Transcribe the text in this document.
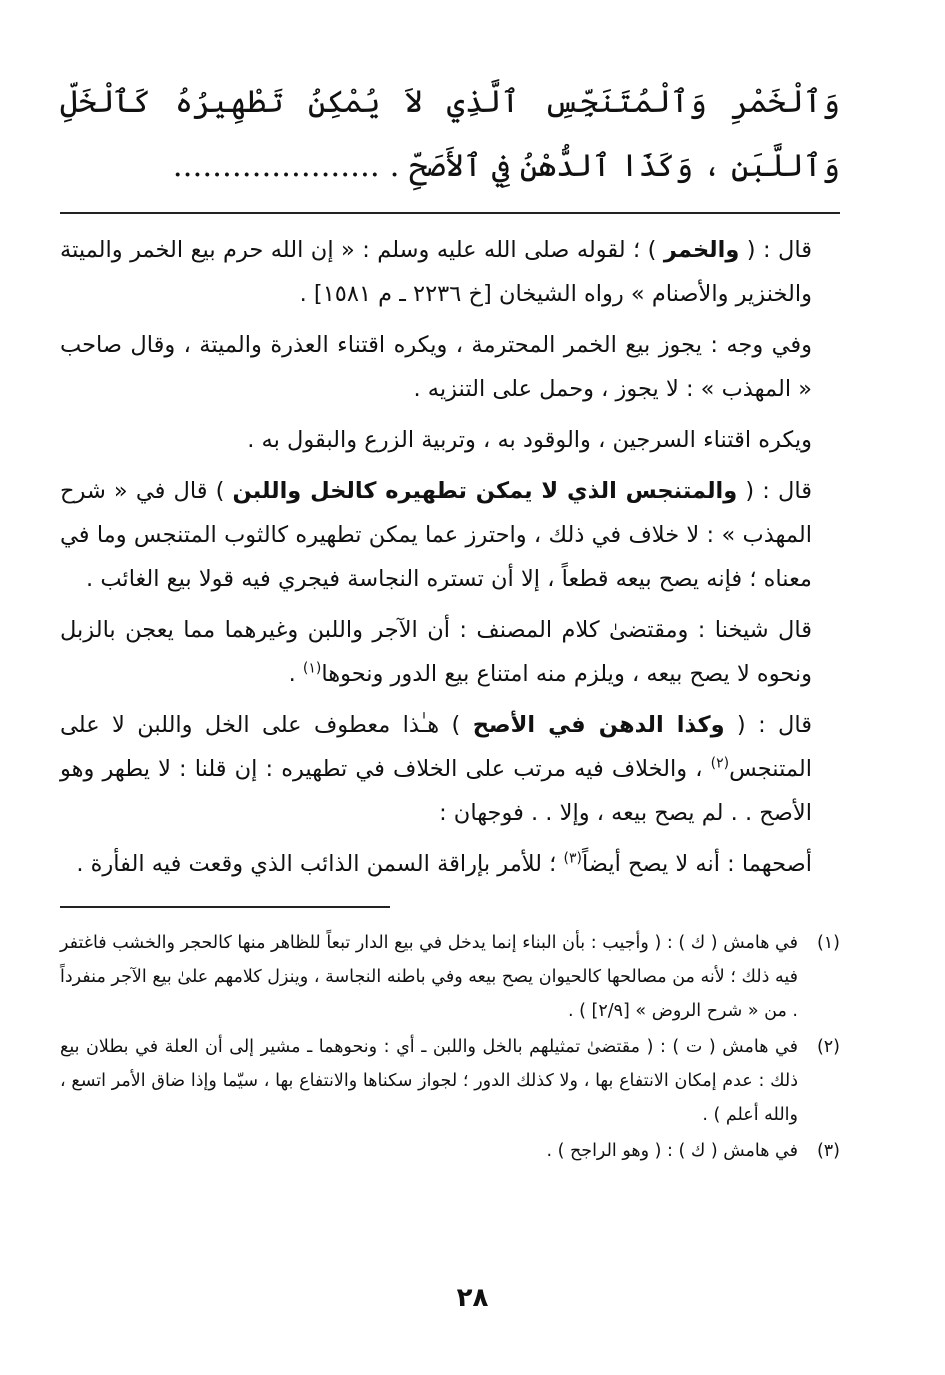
وَٱلْخَمْرِ وَٱلْمُتَنَجِّسِ ٱلَّذِي لاَ يُمْكِنُ تَطْهِيرُهُ كَٱلْخَلِّ وَٱللَّبَنِ ، وَكَذَا ٱلدُّهْنُ فِي ٱلأَصَحِّ . .....................

قال : ( والخمر ) ؛ لقوله صلى الله عليه وسلم : « إن الله حرم بيع الخمر والميتة والخنزير والأصنام » رواه الشيخان [خ ٢٢٣٦ ـ م ١٥٨١] .

وفي وجه : يجوز بيع الخمر المحترمة ، ويكره اقتناء العذرة والميتة ، وقال صاحب « المهذب » : لا يجوز ، وحمل على التنزيه .

ويكره اقتناء السرجين ، والوقود به ، وتربية الزرع والبقول به .

قال : ( والمتنجس الذي لا يمكن تطهيره كالخل واللبن ) قال في « شرح المهذب » : لا خلاف في ذلك ، واحترز عما يمكن تطهيره كالثوب المتنجس وما في معناه ؛ فإنه يصح بيعه قطعاً ، إلا أن تستره النجاسة فيجري فيه قولا بيع الغائب .

قال شيخنا : ومقتضىٰ كلام المصنف : أن الآجر واللبن وغيرهما مما يعجن بالزبل ونحوه لا يصح بيعه ، ويلزم منه امتناع بيع الدور ونحوها$^{(١)}$ .

قال : ( وكذا الدهن في الأصح ) هـٰذا معطوف على الخل واللبن لا على المتنجس$^{(٢)}$ ، والخلاف فيه مرتب على الخلاف في تطهيره : إن قلنا : لا يطهر وهو الأصح . . لم يصح بيعه ، وإلا . . فوجهان :

أصحهما : أنه لا يصح أيضاً$^{(٣)}$ ؛ للأمر بإراقة السمن الذائب الذي وقعت فيه الفأرة .

(١)
في هامش ( ك ) : ( وأجيب : بأن البناء إنما يدخل في بيع الدار تبعاً للظاهر منها كالحجر والخشب فاغتفر فيه ذلك ؛ لأنه من مصالحها كالحيوان يصح بيعه وفي باطنه النجاسة ، وينزل كلامهم علىٰ بيع الآجر منفرداً . من « شرح الروض » [٢/٩] ) .
(٢)
في هامش ( ت ) : ( مقتضىٰ تمثيلهم بالخل واللبن ـ أي : ونحوهما ـ مشير إلى أن العلة في بطلان بيع ذلك : عدم إمكان الانتفاع بها ، ولا كذلك الدور ؛ لجواز سكناها والانتفاع بها ، سيّما وإذا ضاق الأمر اتسع ، والله أعلم ) .
(٣)
في هامش ( ك ) : ( وهو الراجح ) .
٢٨
